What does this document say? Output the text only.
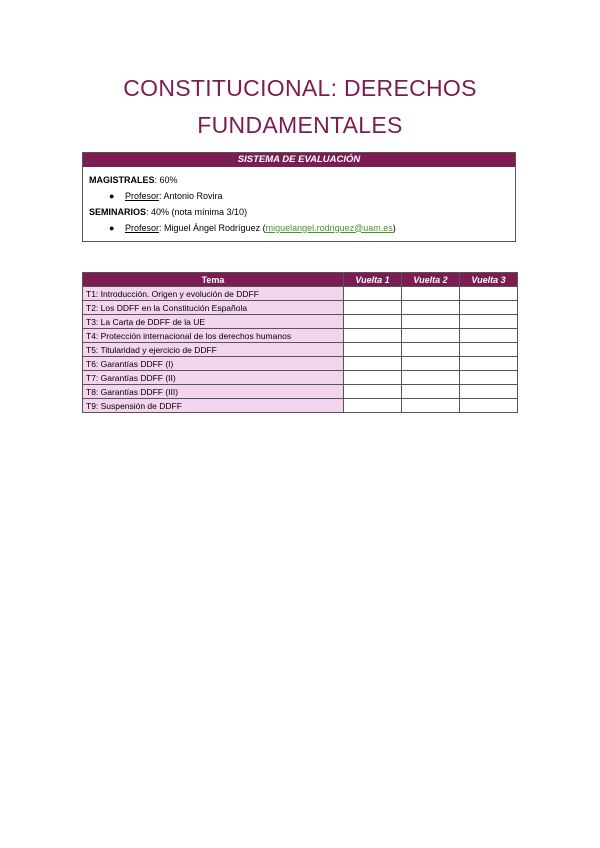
CONSTITUCIONAL: DERECHOS
FUNDAMENTALES
SISTEMA DE EVALUACIÓN
MAGISTRALES : 60%
●	Profesor : Antonio Rovira
SEMINARIOS : 40% (nota mínima 3/10)
●	Profesor : Miguel Ángel Rodríguez ( miguelangel.rodriguez@uam.es )
Tema	Vuelta 1	Vuelta 2	Vuelta 3
T1: Introducción. Origen y evolución de DDFF			
T2: Los DDFF en la Constitución Española			
T3: La Carta de DDFF de la UE			
T4: Protección internacional de los derechos humanos			
T5: Titularidad y ejercicio de DDFF			
T6: Garantías DDFF (I)			
T7: Garantías DDFF (II)			
T8: Garantías DDFF (III)			
T9: Suspensión de DDFF			
